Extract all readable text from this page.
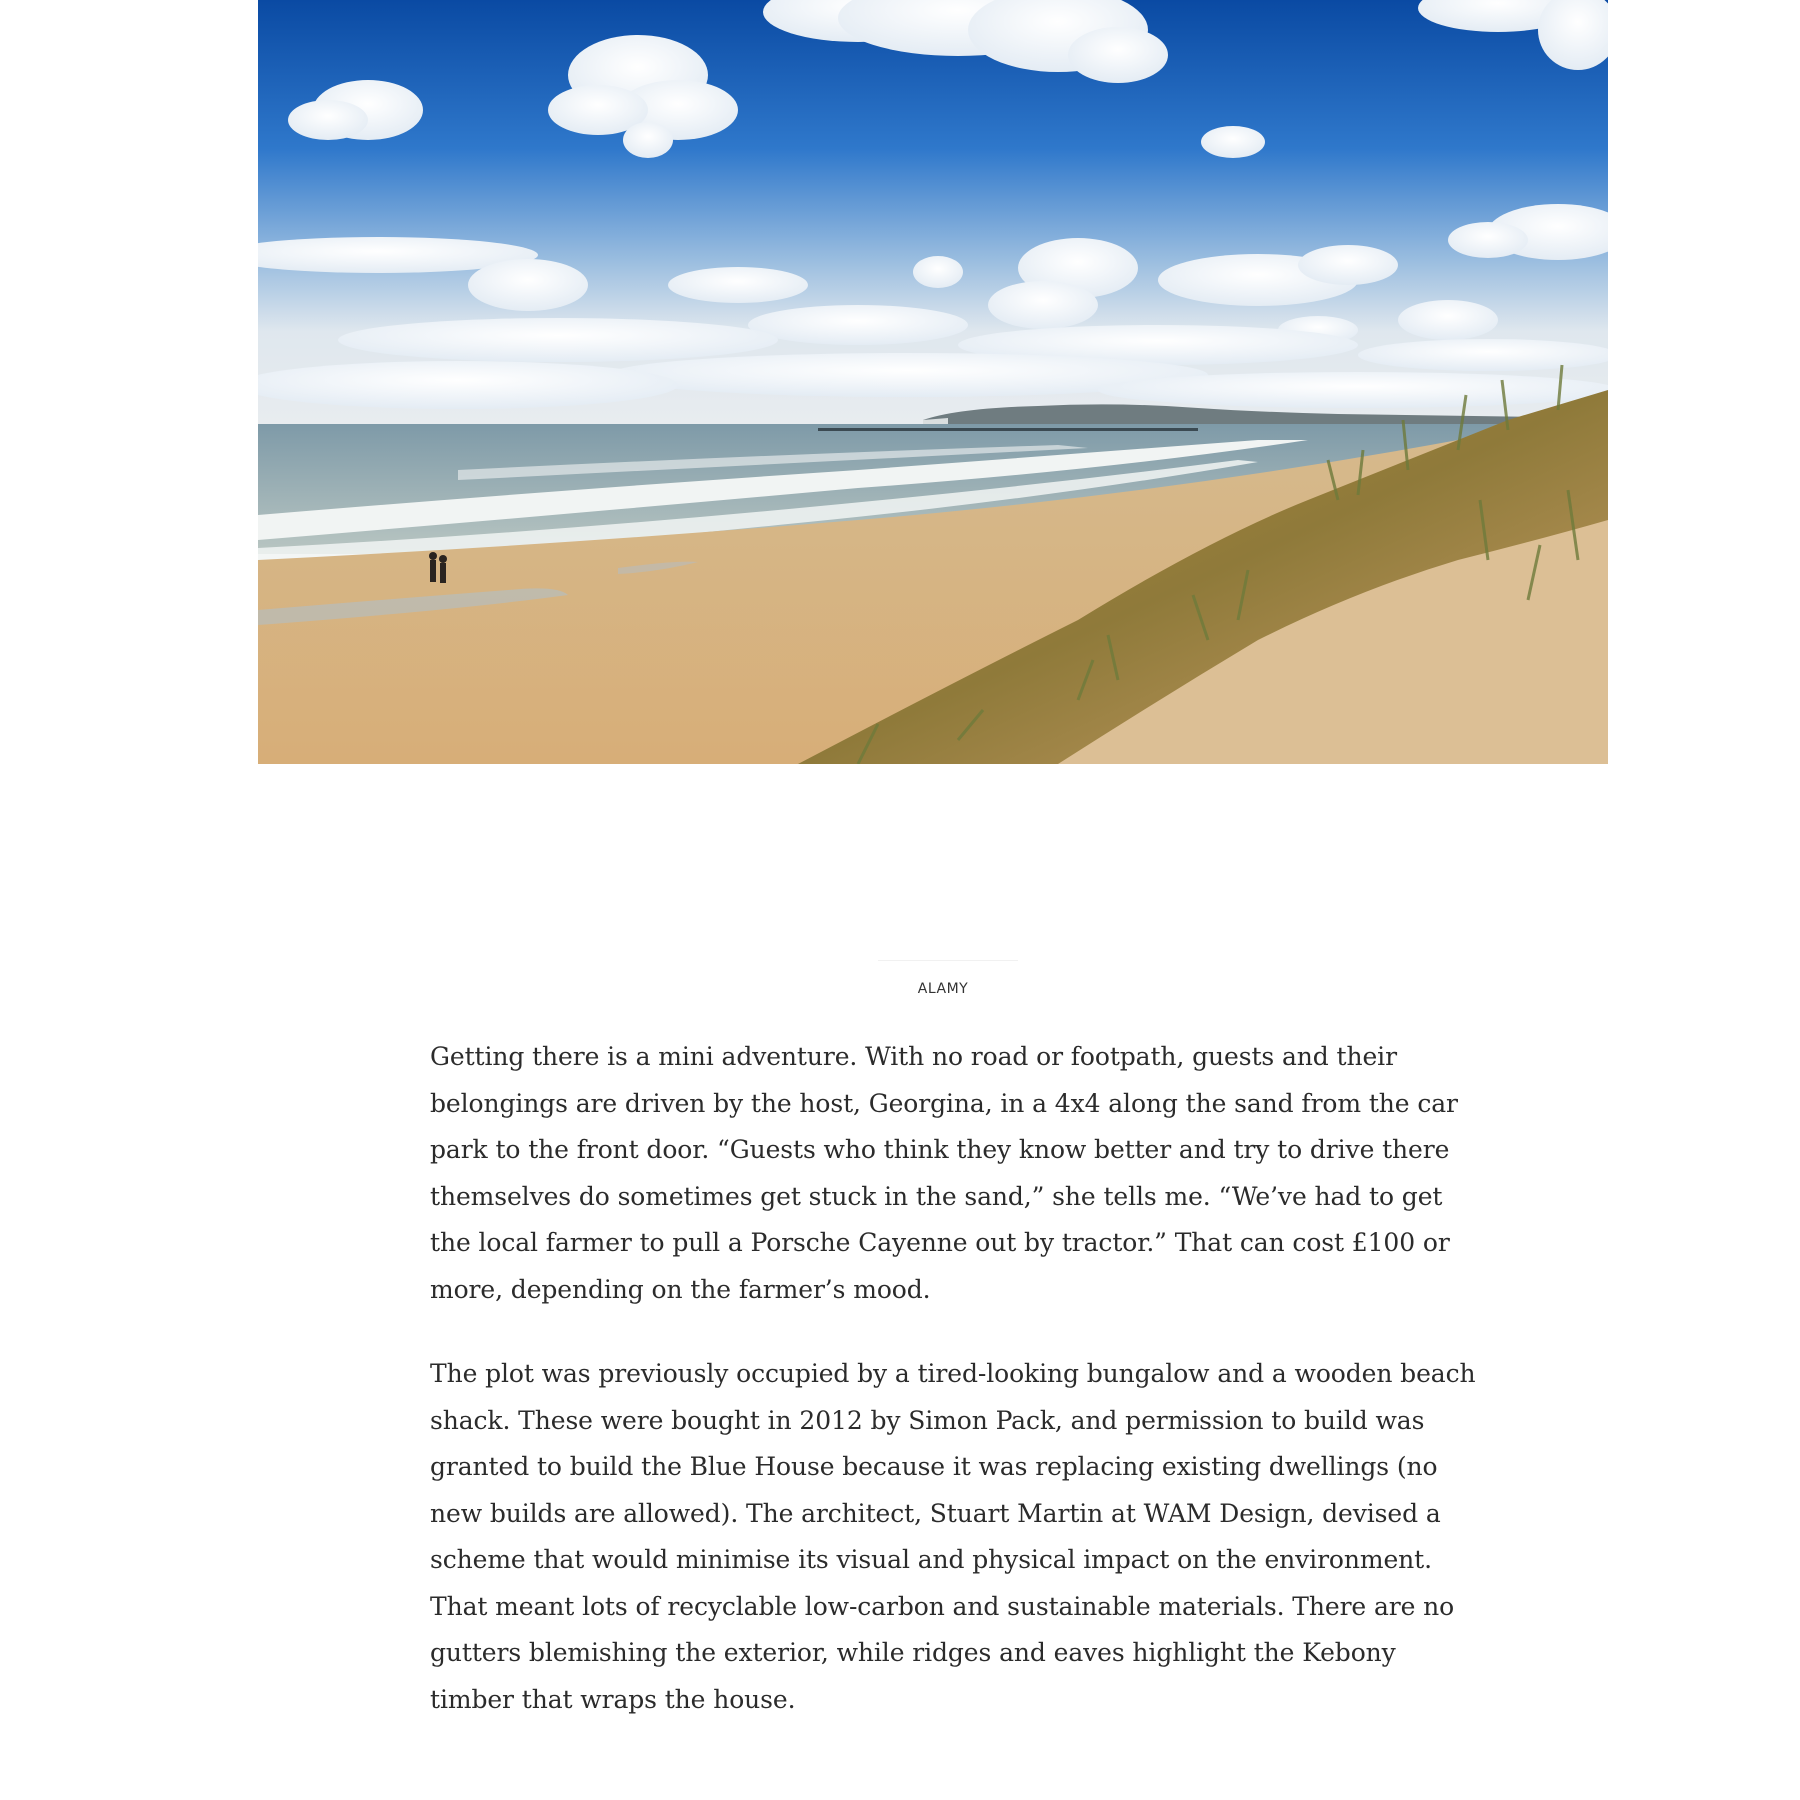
ALAMY

Getting there is a mini adventure. With no road or footpath, guests and their belongings are driven by the host, Georgina, in a 4x4 along the sand from the car park to the front door. “Guests who think they know better and try to drive there themselves do sometimes get stuck in the sand,” she tells me. “We’ve had to get the local farmer to pull a Porsche Cayenne out by tractor.” That can cost £100 or more, depending on the farmer’s mood.

The plot was previously occupied by a tired-looking bungalow and a wooden beach shack. These were bought in 2012 by Simon Pack, and permission to build was granted to build the Blue House because it was replacing existing dwellings (no new builds are allowed). The architect, Stuart Martin at WAM Design, devised a scheme that would minimise its visual and physical impact on the environment. That meant lots of recyclable low-carbon and sustainable materials. There are no gutters blemishing the exterior, while ridges and eaves highlight the Kebony timber that wraps the house.
